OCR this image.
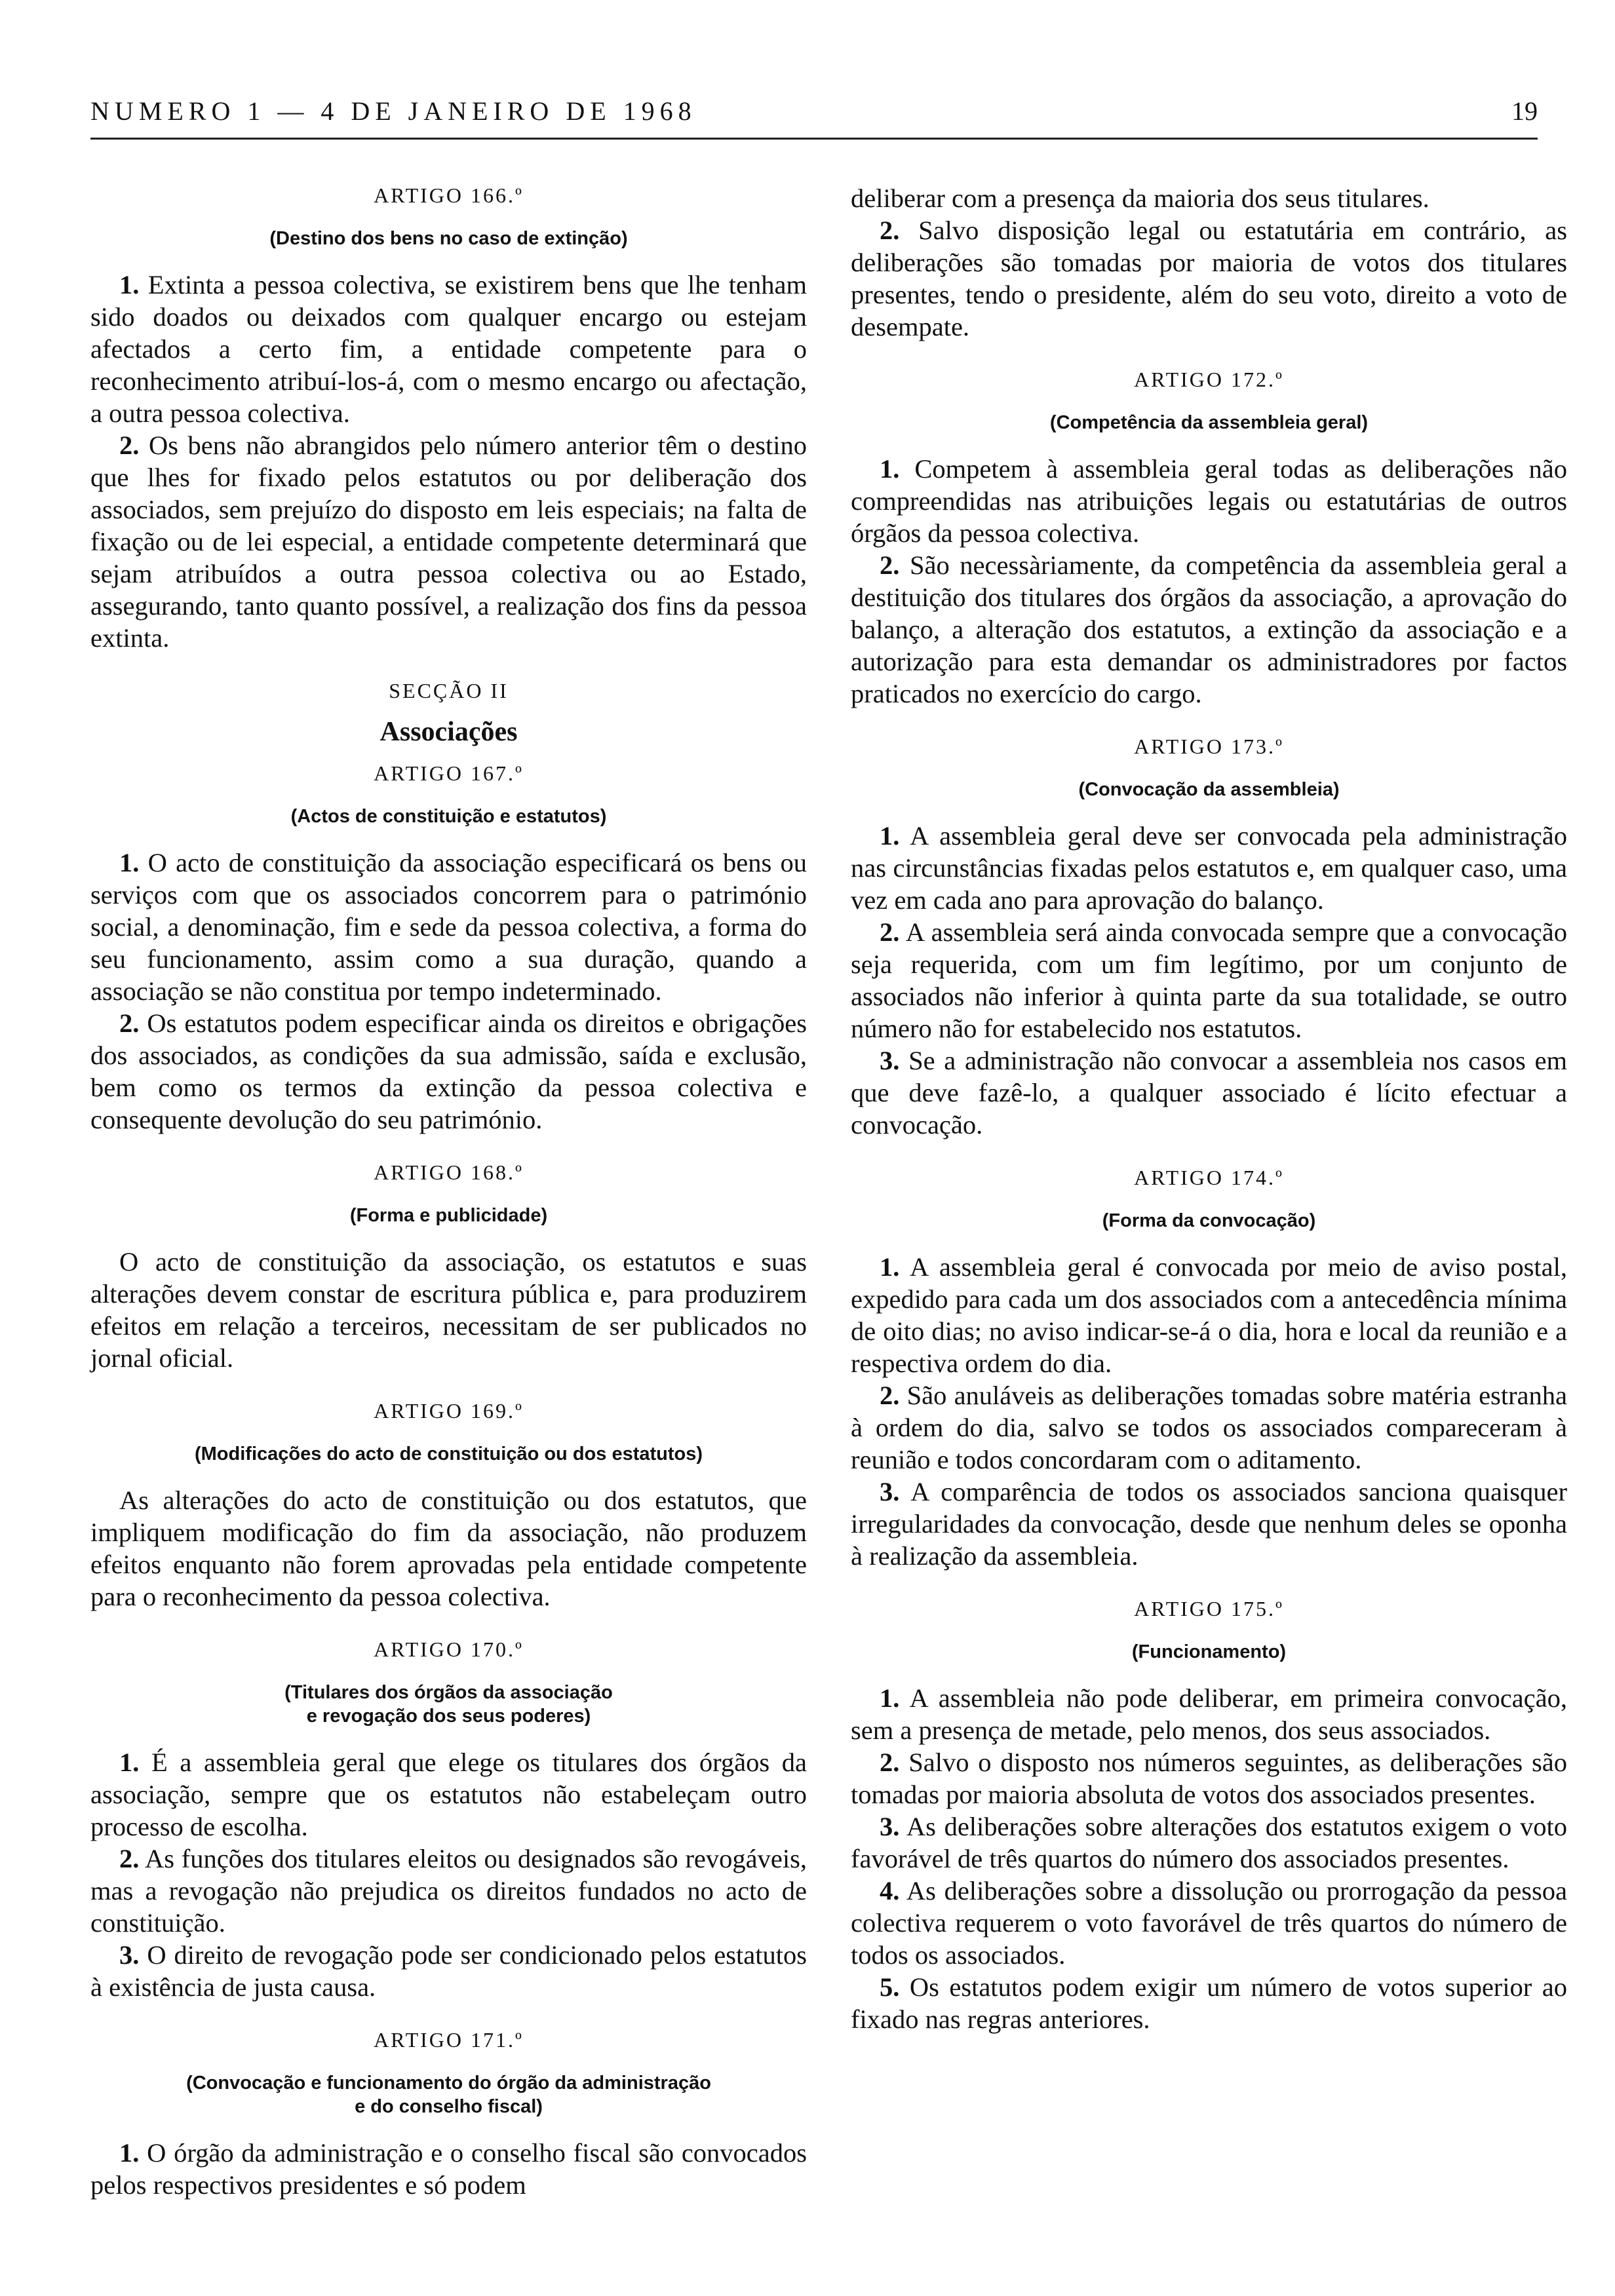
NUMERO 1 — 4 DE JANEIRO DE 1968	19
ARTIGO 166.º
(Destino dos bens no caso de extinção)

1. Extinta a pessoa colectiva, se existirem bens que lhe tenham sido doados ou deixados com qualquer encargo ou estejam afectados a certo fim, a entidade competente para o reconhecimento atribuí-los-á, com o mesmo encargo ou afectação, a outra pessoa colectiva.

2. Os bens não abrangidos pelo número anterior têm o destino que lhes for fixado pelos estatutos ou por deliberação dos associados, sem prejuízo do disposto em leis especiais; na falta de fixação ou de lei especial, a entidade competente determinará que sejam atribuídos a outra pessoa colectiva ou ao Estado, assegurando, tanto quanto possível, a realização dos fins da pessoa extinta.

SECÇÃO II
Associações
ARTIGO 167.º
(Actos de constituição e estatutos)

1. O acto de constituição da associação especificará os bens ou serviços com que os associados concorrem para o património social, a denominação, fim e sede da pessoa colectiva, a forma do seu funcionamento, assim como a sua duração, quando a associação se não constitua por tempo indeterminado.

2. Os estatutos podem especificar ainda os direitos e obrigações dos associados, as condições da sua admissão, saída e exclusão, bem como os termos da extinção da pessoa colectiva e consequente devolução do seu património.

ARTIGO 168.º
(Forma e publicidade)

O acto de constituição da associação, os estatutos e suas alterações devem constar de escritura pública e, para produzirem efeitos em relação a terceiros, necessitam de ser publicados no jornal oficial.

ARTIGO 169.º
(Modificações do acto de constituição ou dos estatutos)

As alterações do acto de constituição ou dos estatutos, que impliquem modificação do fim da associação, não produzem efeitos enquanto não forem aprovadas pela entidade competente para o reconhecimento da pessoa colectiva.

ARTIGO 170.º
(Titulares dos órgãos da associação
e revogação dos seus poderes)

1. É a assembleia geral que elege os titulares dos órgãos da associação, sempre que os estatutos não estabeleçam outro processo de escolha.

2. As funções dos titulares eleitos ou designados são revogáveis, mas a revogação não prejudica os direitos fundados no acto de constituição.

3. O direito de revogação pode ser condicionado pelos estatutos à existência de justa causa.

ARTIGO 171.º
(Convocação e funcionamento do órgão da administração
e do conselho fiscal)

1. O órgão da administração e o conselho fiscal são convocados pelos respectivos presidentes e só podem

deliberar com a presença da maioria dos seus titulares.

2. Salvo disposição legal ou estatutária em contrário, as deliberações são tomadas por maioria de votos dos titulares presentes, tendo o presidente, além do seu voto, direito a voto de desempate.

ARTIGO 172.º
(Competência da assembleia geral)

1. Competem à assembleia geral todas as deliberações não compreendidas nas atribuições legais ou estatutárias de outros órgãos da pessoa colectiva.

2. São necessàriamente, da competência da assembleia geral a destituição dos titulares dos órgãos da associação, a aprovação do balanço, a alteração dos estatutos, a extinção da associação e a autorização para esta demandar os administradores por factos praticados no exercício do cargo.

ARTIGO 173.º
(Convocação da assembleia)

1. A assembleia geral deve ser convocada pela administração nas circunstâncias fixadas pelos estatutos e, em qualquer caso, uma vez em cada ano para aprovação do balanço.

2. A assembleia será ainda convocada sempre que a convocação seja requerida, com um fim legítimo, por um conjunto de associados não inferior à quinta parte da sua totalidade, se outro número não for estabelecido nos estatutos.

3. Se a administração não convocar a assembleia nos casos em que deve fazê-lo, a qualquer associado é lícito efectuar a convocação.

ARTIGO 174.º
(Forma da convocação)

1. A assembleia geral é convocada por meio de aviso postal, expedido para cada um dos associados com a antecedência mínima de oito dias; no aviso indicar-se-á o dia, hora e local da reunião e a respectiva ordem do dia.

2. São anuláveis as deliberações tomadas sobre matéria estranha à ordem do dia, salvo se todos os associados compareceram à reunião e todos concordaram com o aditamento.

3. A comparência de todos os associados sanciona quaisquer irregularidades da convocação, desde que nenhum deles se oponha à realização da assembleia.

ARTIGO 175.º
(Funcionamento)

1. A assembleia não pode deliberar, em primeira convocação, sem a presença de metade, pelo menos, dos seus associados.

2. Salvo o disposto nos números seguintes, as deliberações são tomadas por maioria absoluta de votos dos associados presentes.

3. As deliberações sobre alterações dos estatutos exigem o voto favorável de três quartos do número dos associados presentes.

4. As deliberações sobre a dissolução ou prorrogação da pessoa colectiva requerem o voto favorável de três quartos do número de todos os associados.

5. Os estatutos podem exigir um número de votos superior ao fixado nas regras anteriores.
